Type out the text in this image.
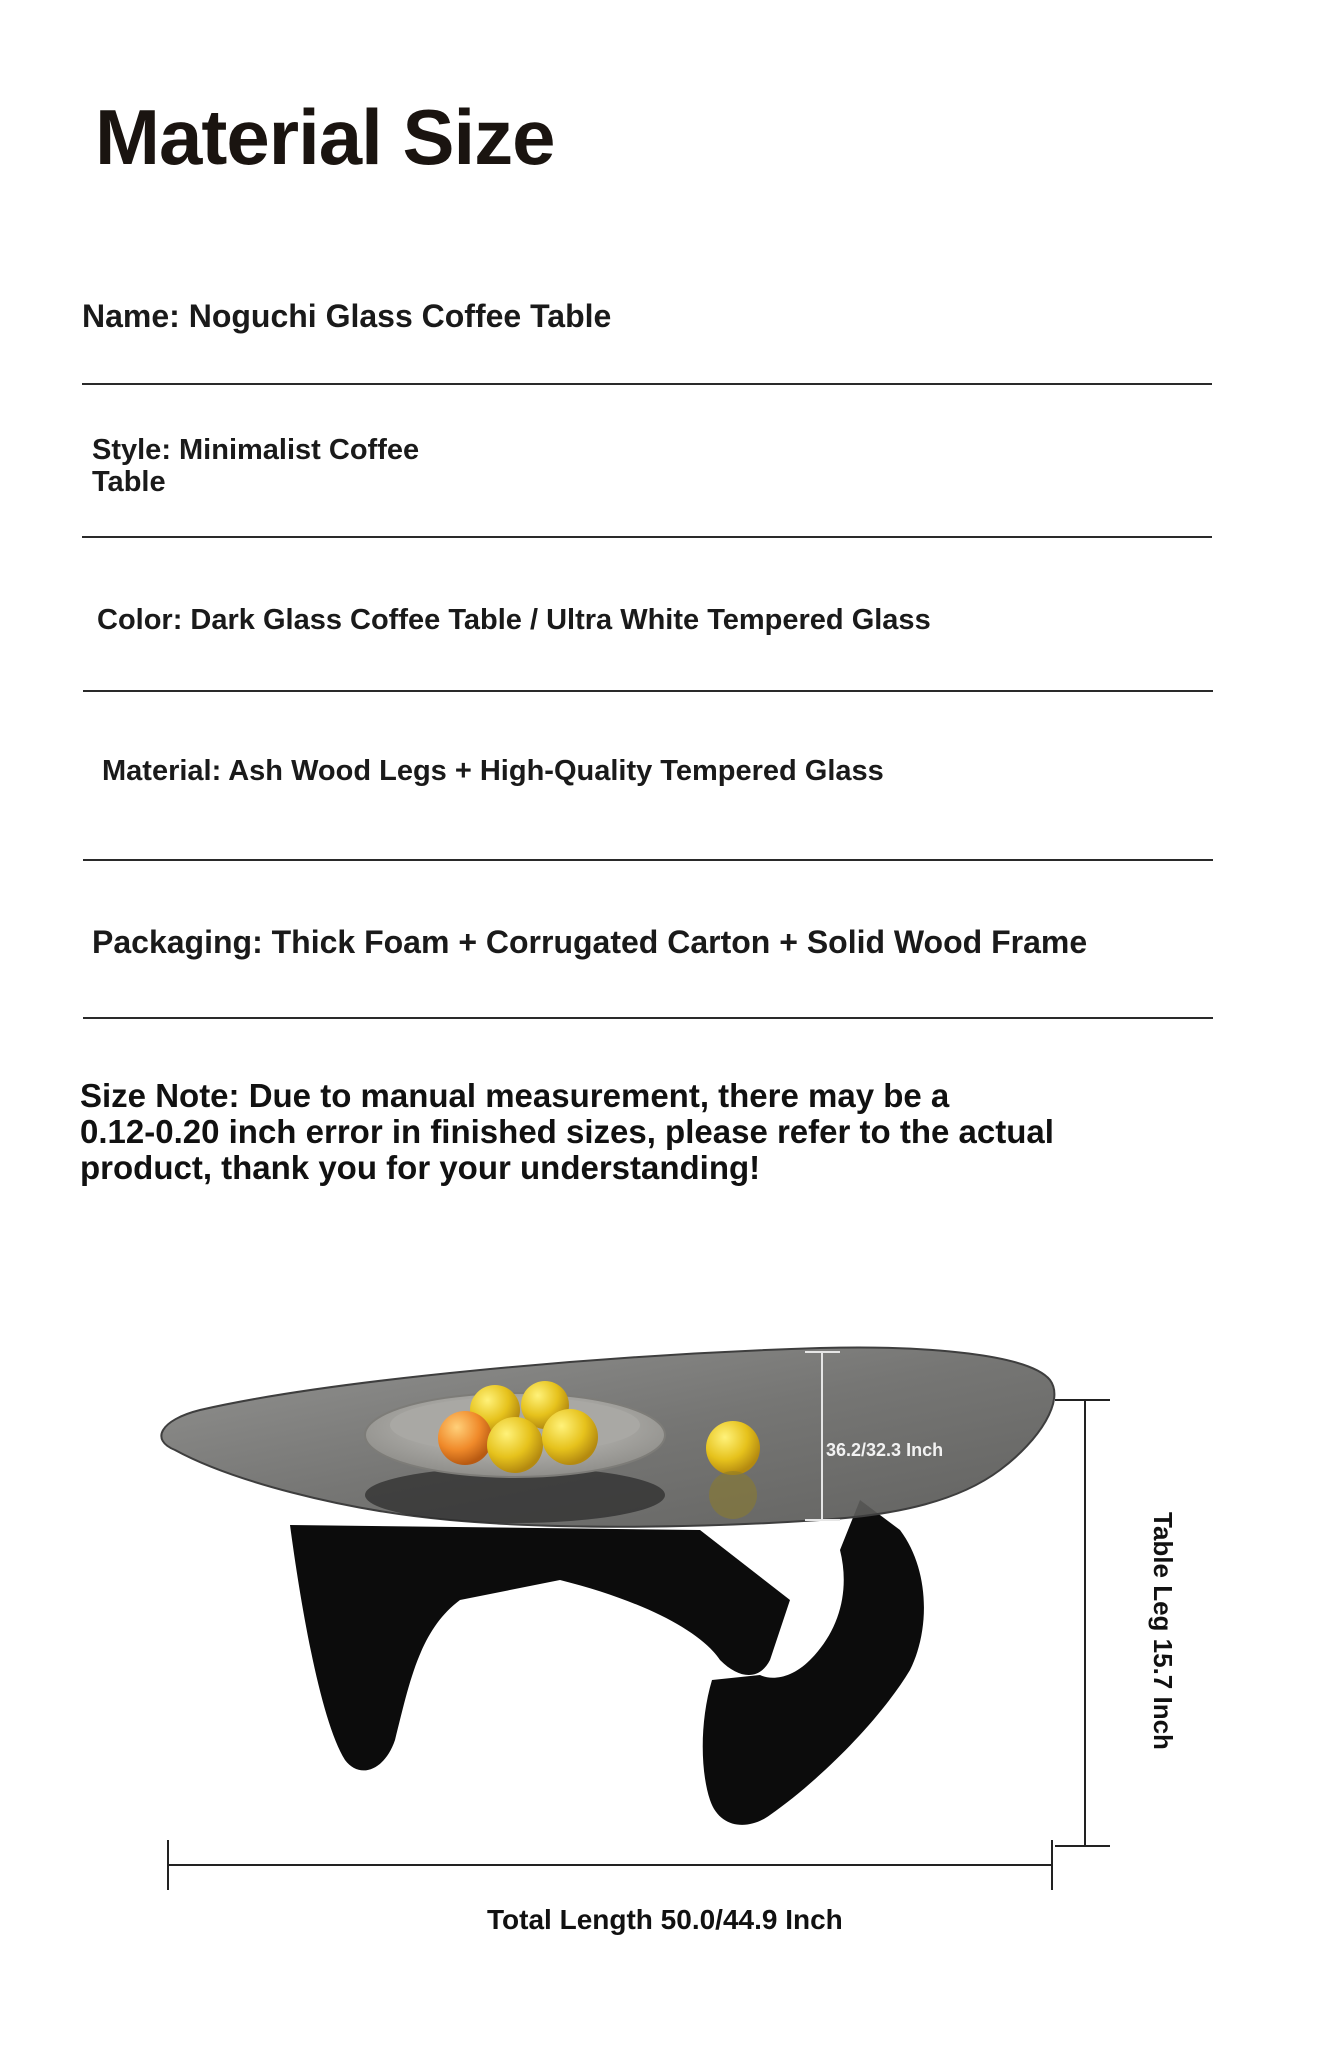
Material Size
Name: Noguchi Glass Coffee Table
Style: Minimalist Coffee
Table
Color: Dark Glass Coffee Table / Ultra White Tempered Glass
Material: Ash Wood Legs + High-Quality Tempered Glass
Packaging: Thick Foam + Corrugated Carton + Solid Wood Frame
Size Note: Due to manual measurement, there may be a
0.12-0.20 inch error in finished sizes, please refer to the actual
product, thank you for your understanding!
36.2/32.3 Inch
Table Leg 15.7 Inch
Total Length 50.0/44.9 Inch
